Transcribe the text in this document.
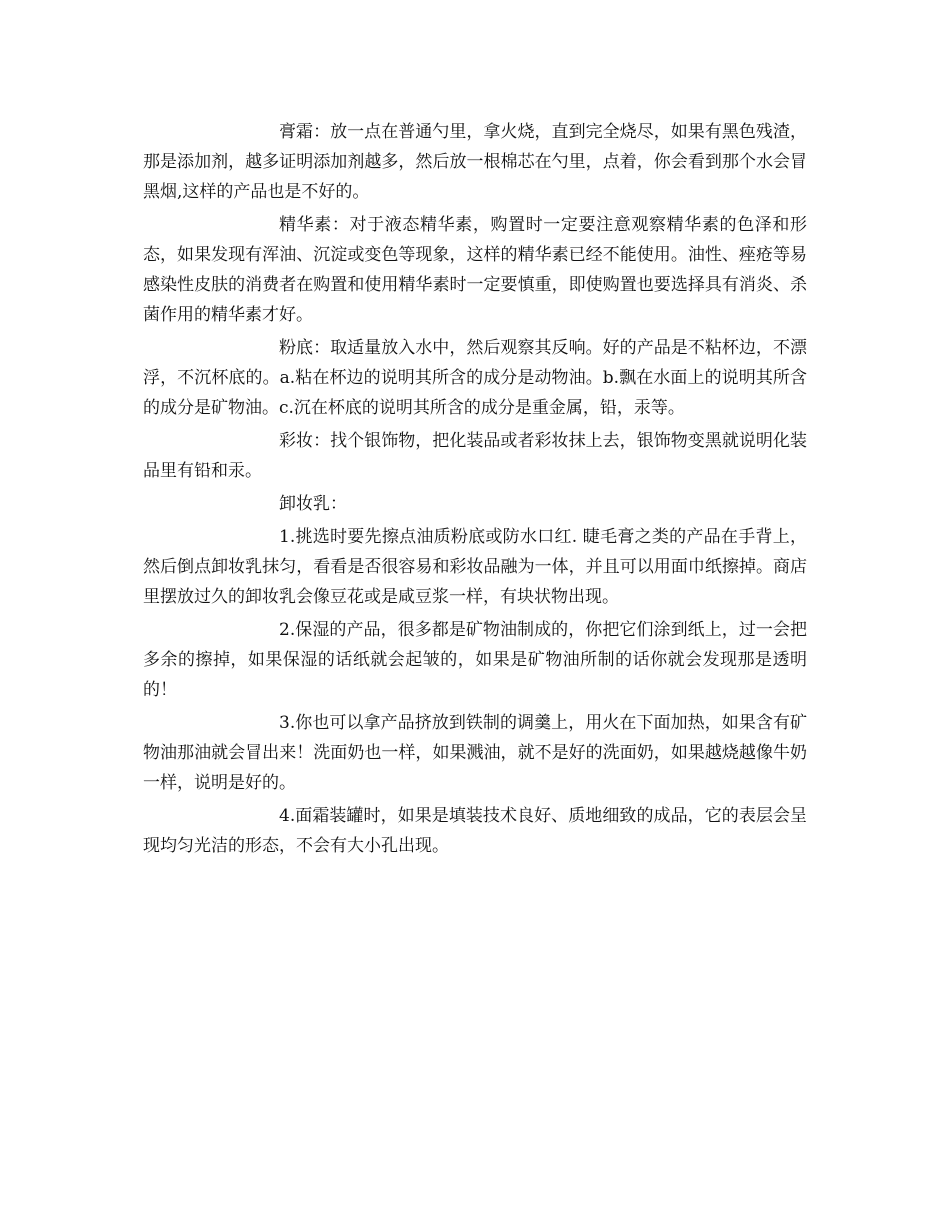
膏霜：放一点在普通勺里，拿火烧，直到完全烧尽，如果有黑色残渣，那是添加剂，越多证明添加剂越多，然后放一根棉芯在勺里，点着，你会看到那个水会冒黑烟,这样的产品也是不好的。

精华素：对于液态精华素，购置时一定要注意观察精华素的色泽和形态，如果发现有浑油、沉淀或变色等现象，这样的精华素已经不能使用。油性、痤疮等易感染性皮肤的消费者在购置和使用精华素时一定要慎重，即使购置也要选择具有消炎、杀菌作用的精华素才好。

粉底：取适量放入水中，然后观察其反响。好的产品是不粘杯边，不漂浮，不沉杯底的。a.粘在杯边的说明其所含的成分是动物油。b.飘在水面上的说明其所含的成分是矿物油。c.沉在杯底的说明其所含的成分是重金属，铅，汞等。

彩妆：找个银饰物，把化装品或者彩妆抹上去，银饰物变黑就说明化装品里有铅和汞。

卸妆乳：

1.挑选时要先擦点油质粉底或防水口红. 睫毛膏之类的产品在手背上，然后倒点卸妆乳抹匀，看看是否很容易和彩妆品融为一体，并且可以用面巾纸擦掉。商店里摆放过久的卸妆乳会像豆花或是咸豆浆一样，有块状物出现。

2.保湿的产品，很多都是矿物油制成的，你把它们涂到纸上，过一会把多余的擦掉，如果保湿的话纸就会起皱的，如果是矿物油所制的话你就会发现那是透明的！

3.你也可以拿产品挤放到铁制的调羹上，用火在下面加热，如果含有矿物油那油就会冒出来！洗面奶也一样，如果溅油，就不是好的洗面奶，如果越烧越像牛奶一样，说明是好的。

4.面霜装罐时，如果是填装技术良好、质地细致的成品，它的表层会呈现均匀光洁的形态，不会有大小孔出现。
